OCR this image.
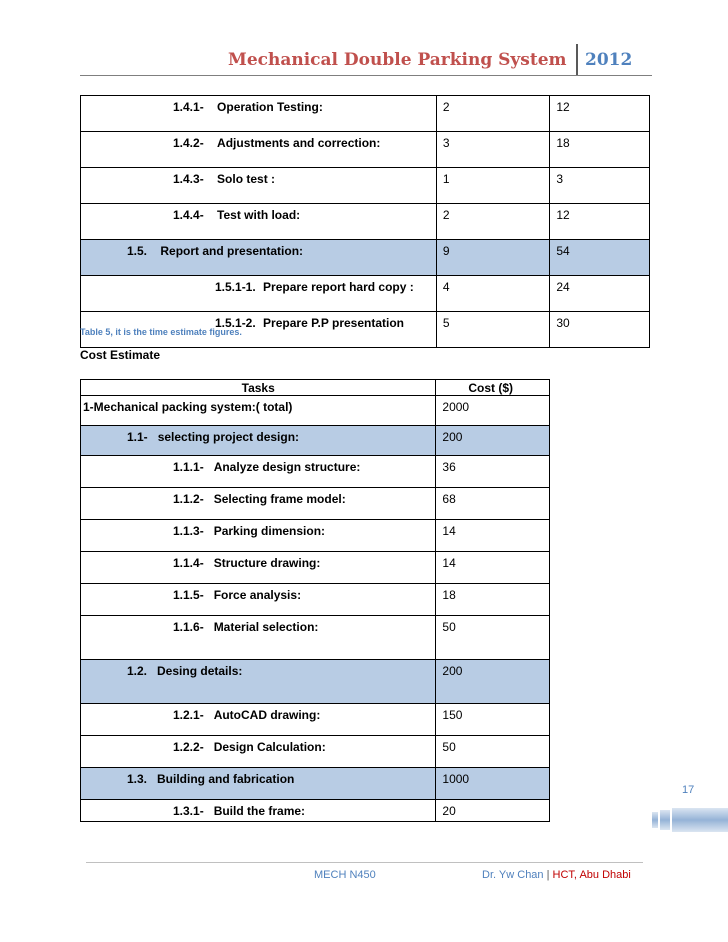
Mechanical Double Parking System 2012
1.4.1- Operation Testing:	2	12
1.4.2- Adjustments and correction:	3	18
1.4.3- Solo test :	1	3
1.4.4- Test with load:	2	12
1.5. Report and presentation:	9	54
1.5.1-1. Prepare report hard copy :	4	24
1.5.1-2. Prepare P.P presentation	5	30
Table 5, it is the time estimate figures.
Cost Estimate
Tasks	Cost ($)
1-Mechanical packing system:( total)	2000
1.1- selecting project design:	200
1.1.1- Analyze design structure:	36
1.1.2- Selecting frame model:	68
1.1.3- Parking dimension:	14
1.1.4- Structure drawing:	14
1.1.5- Force analysis:	18
1.1.6- Material selection:	50
1.2. Desing details:	200
1.2.1- AutoCAD drawing:	150
1.2.2- Design Calculation:	50
1.3. Building and fabrication	1000
1.3.1- Build the frame:	20
17
MECH N450	Dr. Yw Chan | HCT, Abu Dhabi
